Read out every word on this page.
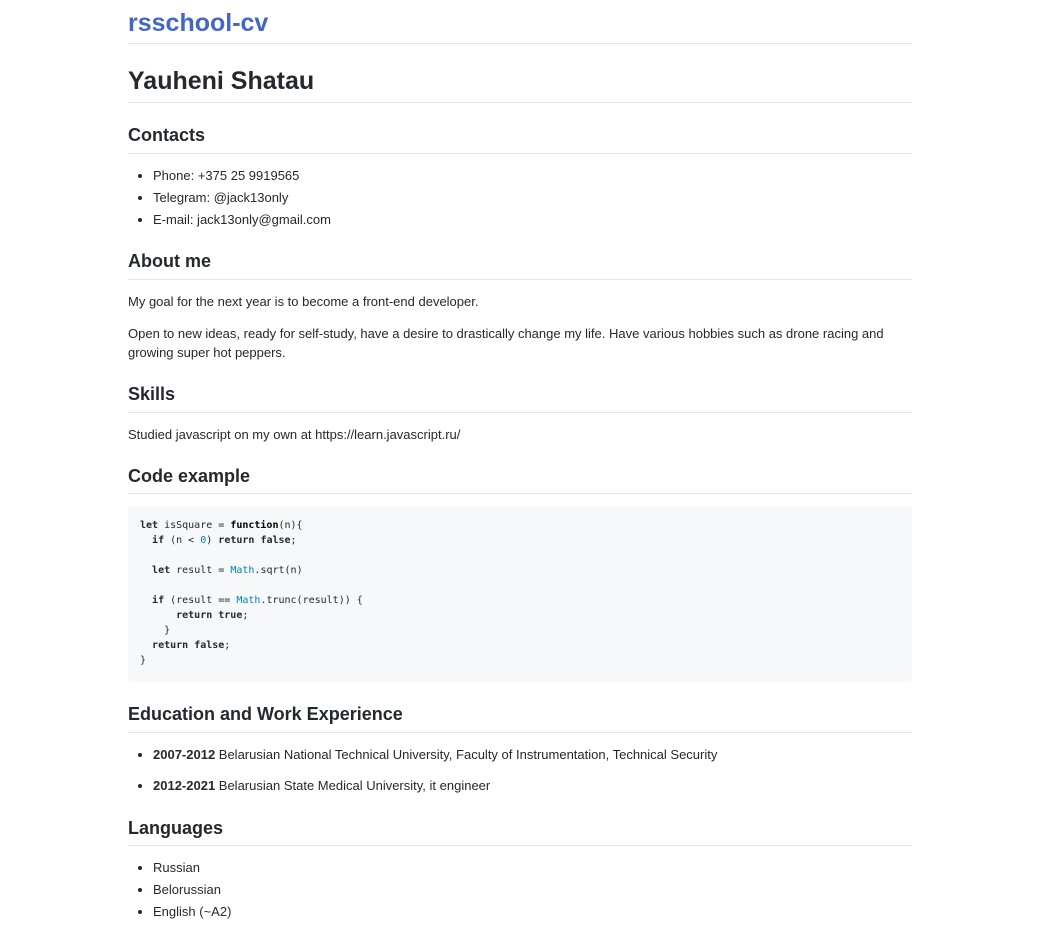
rsschool-cv
Yauheni Shatau
Contacts
• Phone: +375 25 9919565
• Telegram: @jack13only
• E-mail: jack13only@gmail.com
About me

My goal for the next year is to become a front-end developer.

Open to new ideas, ready for self-study, have a desire to drastically change my life. Have various hobbies such as drone racing and growing super hot peppers.

Skills

Studied javascript on my own at https://learn.javascript.ru/

Code example
let isSquare = function(n){
if (n < 0) return false;

let result = Math.sqrt(n)

if (result == Math.trunc(result)) {
return true;
}
return false;
}
Education and Work Experience
• 2007-2012 Belarusian National Technical University, Faculty of Instrumentation, Technical Security
• 2012-2021 Belarusian State Medical University, it engineer
Languages
• Russian
• Belorussian
• English (~A2)
